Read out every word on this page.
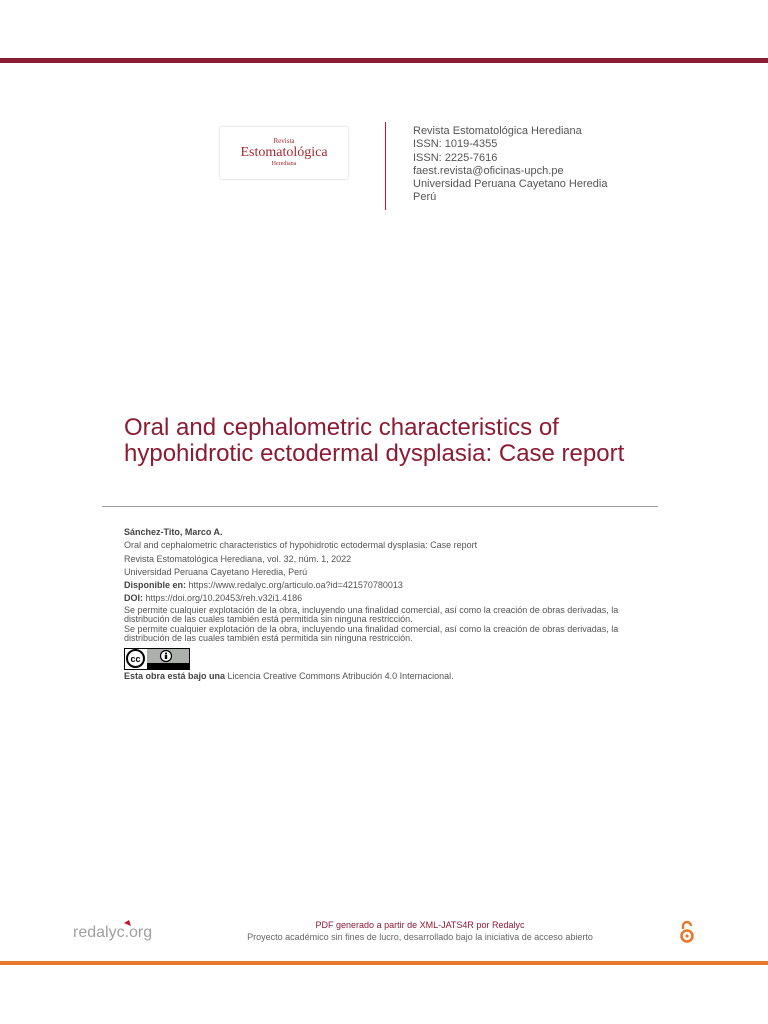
Revista
Estomatológica
Herediana
Revista Estomatológica Herediana
ISSN: 1019-4355
ISSN: 2225-7616
faest.revista@oficinas-upch.pe
Universidad Peruana Cayetano Heredia
Perú
Oral and cephalometric characteristics of hypohidrotic ectodermal dysplasia: Case report
Sánchez-Tito, Marco A.
Oral and cephalometric characteristics of hypohidrotic ectodermal dysplasia: Case report
Revista Estomatológica Herediana, vol. 32, núm. 1, 2022
Universidad Peruana Cayetano Heredia, Perú
Disponible en: https://www.redalyc.org/articulo.oa?id=421570780013
DOI: https://doi.org/10.20453/reh.v32i1.4186
Se permite cualquier explotación de la obra, incluyendo una finalidad comercial, así como la creación de obras derivadas, la distribución de las cuales también está permitida sin ninguna restricción.
Se permite cualquier explotación de la obra, incluyendo una finalidad comercial, así como la creación de obras derivadas, la distribución de las cuales también está permitida sin ninguna restricción.
cc
Esta obra está bajo una Licencia Creative Commons Atribución 4.0 Internacional.
redalyc.org	PDF generado a partir de XML-JATS4R por Redalyc
Proyecto académico sin fines de lucro, desarrollado bajo la iniciativa de acceso abierto
